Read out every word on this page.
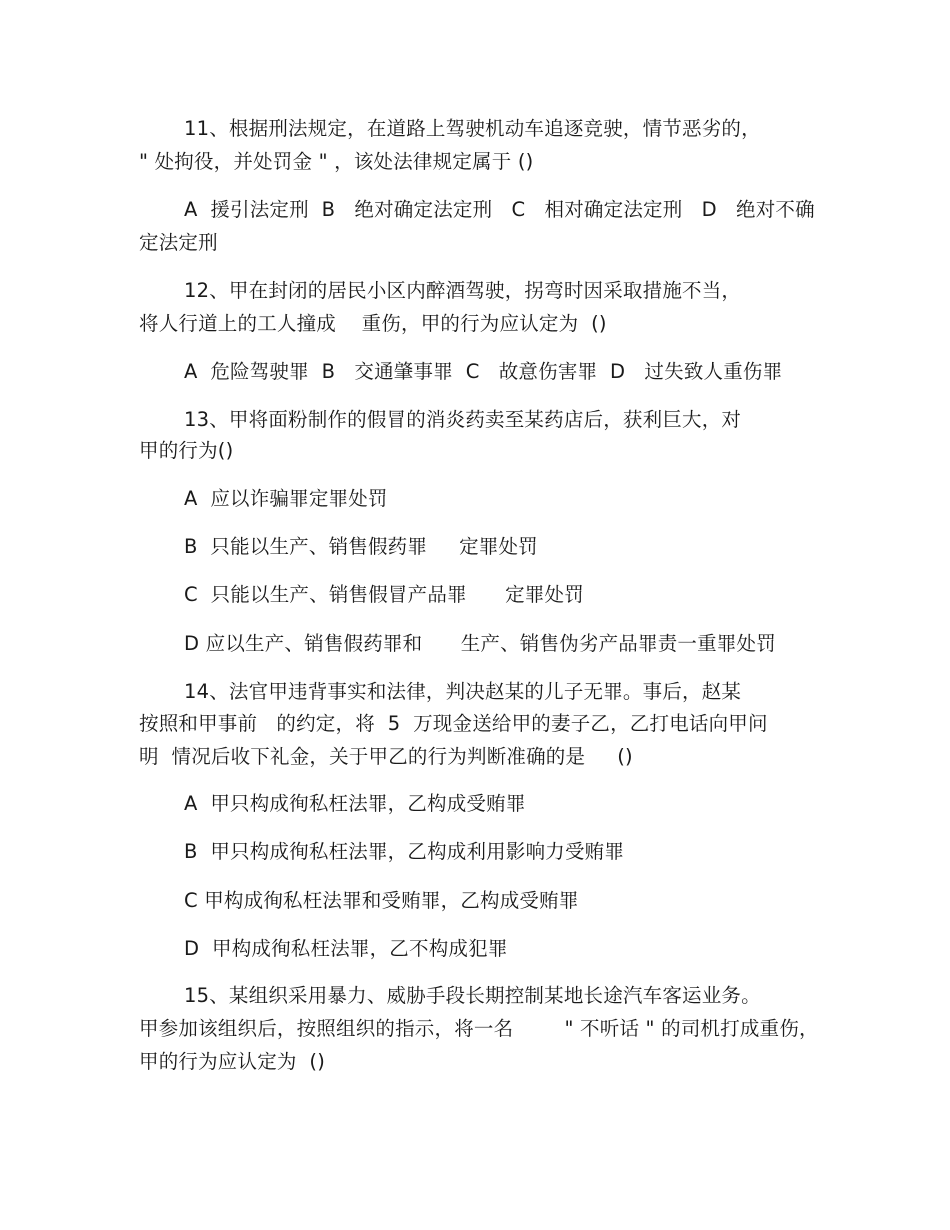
11、根据刑法规定，在道路上驾驶机动车追逐竞驶，情节恶劣的，
" 处拘役，并处罚金 " ，该处法律规定属于 ()
A  援引法定刑  B   绝对确定法定刑   C   相对确定法定刑   D   绝对不确
定法定刑
12、甲在封闭的居民小区内醉酒驾驶，拐弯时因采取措施不当，
将人行道上的工人撞成    重伤，甲的行为应认定为  ()
A  危险驾驶罪  B   交通肇事罪  C   故意伤害罪  D   过失致人重伤罪
13、甲将面粉制作的假冒的消炎药卖至某药店后，获利巨大，对
甲的行为()
A  应以诈骗罪定罪处罚
B  只能以生产、销售假药罪     定罪处罚
C  只能以生产、销售假冒产品罪      定罪处罚
D 应以生产、销售假药罪和      生产、销售伪劣产品罪责一重罪处罚
14、法官甲违背事实和法律，判决赵某的儿子无罪。事后，赵某
按照和甲事前   的约定，将  5  万现金送给甲的妻子乙，乙打电话向甲问
明  情况后收下礼金，关于甲乙的行为判断准确的是     ()
A  甲只构成徇私枉法罪，乙构成受贿罪
B  甲只构成徇私枉法罪，乙构成利用影响力受贿罪
C 甲构成徇私枉法罪和受贿罪，乙构成受贿罪
D  甲构成徇私枉法罪，乙不构成犯罪
15、某组织采用暴力、威胁手段长期控制某地长途汽车客运业务。
甲参加该组织后，按照组织的指示，将一名        " 不听话 " 的司机打成重伤，
甲的行为应认定为  ()
